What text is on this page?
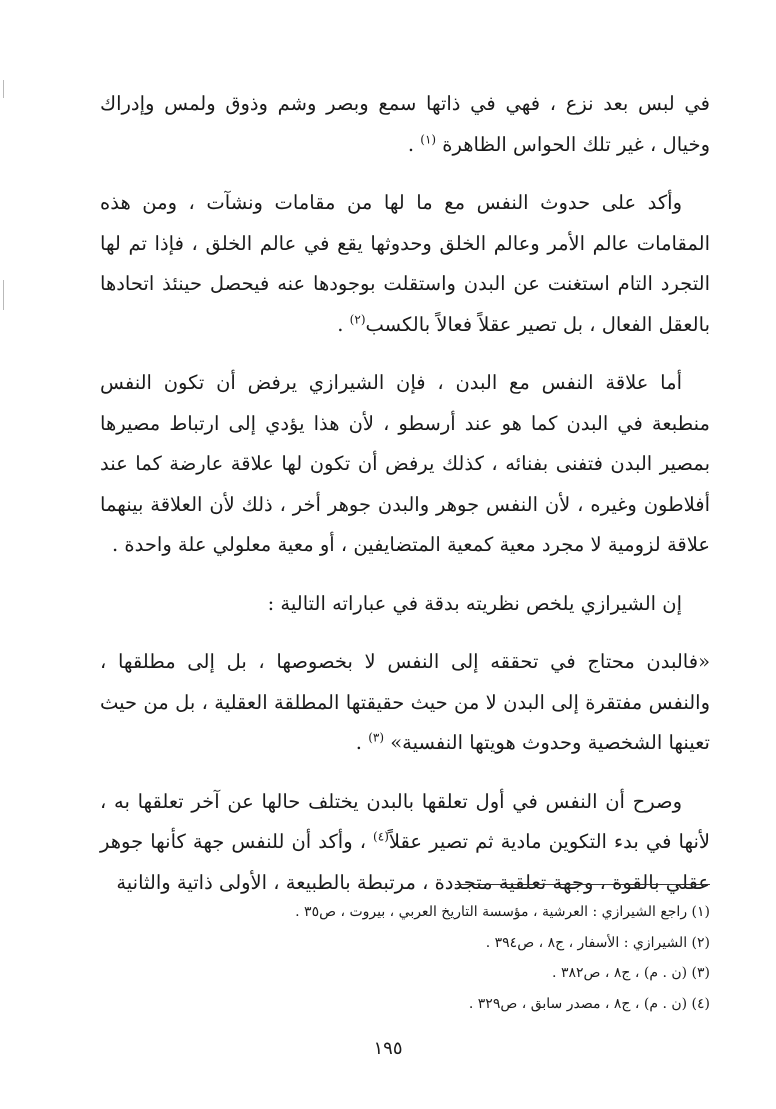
في لبس بعد نزع ، فهي في ذاتها سمع وبصر وشم وذوق ولمس وإدراك وخيال ، غير تلك الحواس الظاهرة $^{(١)}$ .

وأكد على حدوث النفس مع ما لها من مقامات ونشآت ، ومن هذه المقامات عالم الأمر وعالم الخلق وحدوثها يقع في عالم الخلق ، فإذا تم لها التجرد التام استغنت عن البدن واستقلت بوجودها عنه فيحصل حينئذ اتحادها بالعقل الفعال ، بل تصير عقلاً فعالاً بالكسب$^{(٢)}$ .

أما علاقة النفس مع البدن ، فإن الشيرازي يرفض أن تكون النفس منطبعة في البدن كما هو عند أرسطو ، لأن هذا يؤدي إلى ارتباط مصيرها بمصير البدن فتفنى بفنائه ، كذلك يرفض أن تكون لها علاقة عارضة كما عند أفلاطون وغيره ، لأن النفس جوهر والبدن جوهر أخر ، ذلك لأن العلاقة بينهما علاقة لزومية لا مجرد معية كمعية المتضايفين ، أو معية معلولي علة واحدة .

إن الشيرازي يلخص نظريته بدقة في عباراته التالية :

«فالبدن محتاج في تحققه إلى النفس لا بخصوصها ، بل إلى مطلقها ، والنفس مفتقرة إلى البدن لا من حيث حقيقتها المطلقة العقلية ، بل من حيث تعينها الشخصية وحدوث هويتها النفسية» $^{(٣)}$ .

وصرح أن النفس في أول تعلقها بالبدن يختلف حالها عن آخر تعلقها به ، لأنها في بدء التكوين مادية ثم تصير عقلاً$^{(٤)}$ ، وأكد أن للنفس جهة كأنها جوهر عقلي بالقوة ، وجهة تعلقية متجددة ، مرتبطة بالطبيعة ، الأولى ذاتية والثانية

(١) راجع الشيرازي : العرشية ، مؤسسة التاريخ العربي ، بيروت ، ص٣٥ .

(٢) الشيرازي : الأسفار ، ج٨ ، ص٣٩٤ .

(٣) (ن . م) ، ج٨ ، ص٣٨٢ .

(٤) (ن . م) ، ج٨ ، مصدر سابق ، ص٣٢٩ .

١٩٥
